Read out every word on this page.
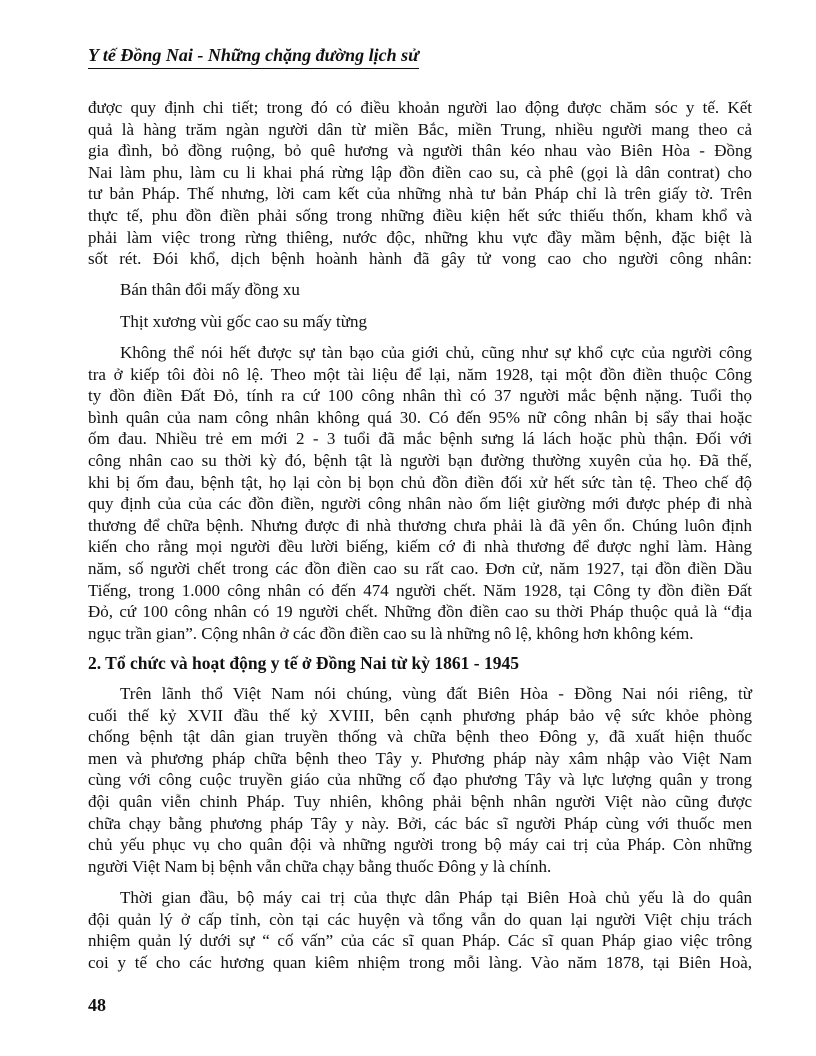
Y tế Đồng Nai - Những chặng đường lịch sử
được quy định chi tiết; trong đó có điều khoản người lao động được chăm sóc y tế. Kết
quả là hàng trăm ngàn người dân từ miền Bắc, miền Trung, nhiều người mang theo cả
gia đình, bỏ đồng ruộng, bỏ quê hương và người thân kéo nhau vào Biên Hòa - Đồng
Nai làm phu, làm cu li khai phá rừng lập đồn điền cao su, cà phê (gọi là dân contrat) cho
tư bản Pháp. Thế nhưng, lời cam kết của những nhà tư bản Pháp chỉ là trên giấy tờ. Trên
thực tế, phu đồn điền phải sống trong những điều kiện hết sức thiếu thốn, kham khổ và
phải làm việc trong rừng thiêng, nước độc, những khu vực đầy mầm bệnh, đặc biệt là
sốt rét. Đói khổ, dịch bệnh hoành hành đã gây tử vong cao cho người công nhân:
Bán thân đổi mấy đồng xu
Thịt xương vùi gốc cao su mấy từng
Không thể nói hết được sự tàn bạo của giới chủ, cũng như sự khổ cực của người công
tra ở kiếp tôi đòi nô lệ. Theo một tài liệu để lại, năm 1928, tại một đồn điền thuộc Công
ty đồn điền Đất Đỏ, tính ra cứ 100 công nhân thì có 37 người mắc bệnh nặng. Tuổi thọ
bình quân của nam công nhân không quá 30. Có đến 95% nữ công nhân bị sẩy thai hoặc
ốm đau. Nhiều trẻ em mới 2 - 3 tuổi đã mắc bệnh sưng lá lách hoặc phù thận. Đối với
công nhân cao su thời kỳ đó, bệnh tật là người bạn đường thường xuyên của họ. Đã thế,
khi bị ốm đau, bệnh tật, họ lại còn bị bọn chủ đồn điền đối xử hết sức tàn tệ. Theo chế độ
quy định của của các đồn điền, người công nhân nào ốm liệt giường mới được phép đi nhà
thương để chữa bệnh. Nhưng được đi nhà thương chưa phải là đã yên ổn. Chúng luôn định
kiến cho rằng mọi người đều lười biếng, kiếm cớ đi nhà thương để được nghỉ làm. Hàng
năm, số người chết trong các đồn điền cao su rất cao. Đơn cử, năm 1927, tại đồn điền Dầu
Tiếng, trong 1.000 công nhân có đến 474 người chết. Năm 1928, tại Công ty đồn điền Đất
Đỏ, cứ 100 công nhân có 19 người chết. Những đồn điền cao su thời Pháp thuộc quả là “địa
ngục trần gian”. Cộng nhân ở các đồn điền cao su là những nô lệ, không hơn không kém.
2. Tổ chức và hoạt động y tế ở Đồng Nai từ kỳ 1861 - 1945
Trên lãnh thổ Việt Nam nói chúng, vùng đất Biên Hòa - Đồng Nai nói riêng, từ
cuối thế kỷ XVII đầu thế kỷ XVIII, bên cạnh phương pháp bảo vệ sức khỏe phòng
chống bệnh tật dân gian truyền thống và chữa bệnh theo Đông y, đã xuất hiện thuốc
men và phương pháp chữa bệnh theo Tây y. Phương pháp này xâm nhập vào Việt Nam
cùng với công cuộc truyền giáo của những cố đạo phương Tây và lực lượng quân y trong
đội quân viễn chinh Pháp. Tuy nhiên, không phải bệnh nhân người Việt nào cũng được
chữa chạy bằng phương pháp Tây y này. Bởi, các bác sĩ người Pháp cùng với thuốc men
chủ yếu phục vụ cho quân đội và những người trong bộ máy cai trị của Pháp. Còn những
người Việt Nam bị bệnh vẫn chữa chạy bằng thuốc Đông y là chính.
Thời gian đầu, bộ máy cai trị của thực dân Pháp tại Biên Hoà chủ yếu là do quân
đội quản lý ở cấp tỉnh, còn tại các huyện và tổng vẫn do quan lại người Việt chịu trách
nhiệm quản lý dưới sự “ cố vấn” của các sĩ quan Pháp. Các sĩ quan Pháp giao việc trông
coi y tế cho các hương quan kiêm nhiệm trong mỗi làng. Vào năm 1878, tại Biên Hoà,
48
